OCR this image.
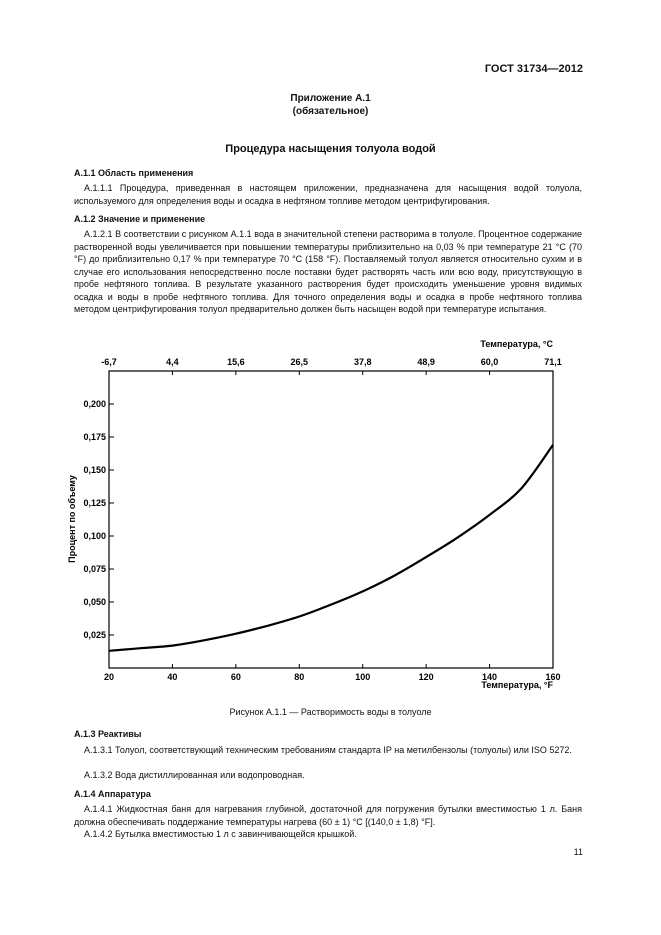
ГОСТ 31734—2012
Приложение А.1
(обязательное)
Процедура насыщения толуола водой
А.1.1 Область применения
А.1.1.1 Процедура, приведенная в настоящем приложении, предназначена для насыщения водой толуола, используемого для определения воды и осадка в нефтяном топливе методом центрифугирования.
А.1.2 Значение и применение
А.1.2.1 В соответствии с рисунком А.1.1 вода в значительной степени растворима в толуоле. Процентное содержание растворенной воды увеличивается при повышении температуры приблизительно на 0,03 % при температуре 21 °С (70 °F) до приблизительно 0,17 % при температуре 70 °С (158 °F). Поставляемый толуол является относительно сухим и в случае его использования непосредственно после поставки будет растворять часть или всю воду, присутствующую в пробе нефтяного топлива. В результате указанного растворения будет происходить уменьшение уровня видимых осадка и воды в пробе нефтяного топлива. Для точного определения воды и осадка в пробе нефтяного топлива методом центрифугирования толуол предварительно должен быть насыщен водой при температуре испытания.
20	40	60	80	100	120	140	160
-6,7	4,4	15,6	26,5	37,8	48,9	60,0	71,1
0,025
0,050
0,075
0,100
0,125
0,150
0,175
0,200
Температура, °F
Температура, °С
Процент по объему
Рисунок А.1.1 — Растворимость воды в толуоле
А.1.3 Реактивы
А.1.3.1 Толуол, соответствующий техническим требованиям стандарта IP на метилбензолы (толуолы) или ISO 5272.
А.1.3.2 Вода дистиллированная или водопроводная.
А.1.4 Аппаратура
А.1.4.1 Жидкостная баня для нагревания глубиной, достаточной для погружения бутылки вместимостью 1 л. Баня должна обеспечивать поддержание температуры нагрева (60 ± 1) °С [(140,0 ± 1,8) °F].
А.1.4.2 Бутылка вместимостью 1 л с завинчивающейся крышкой.
11
